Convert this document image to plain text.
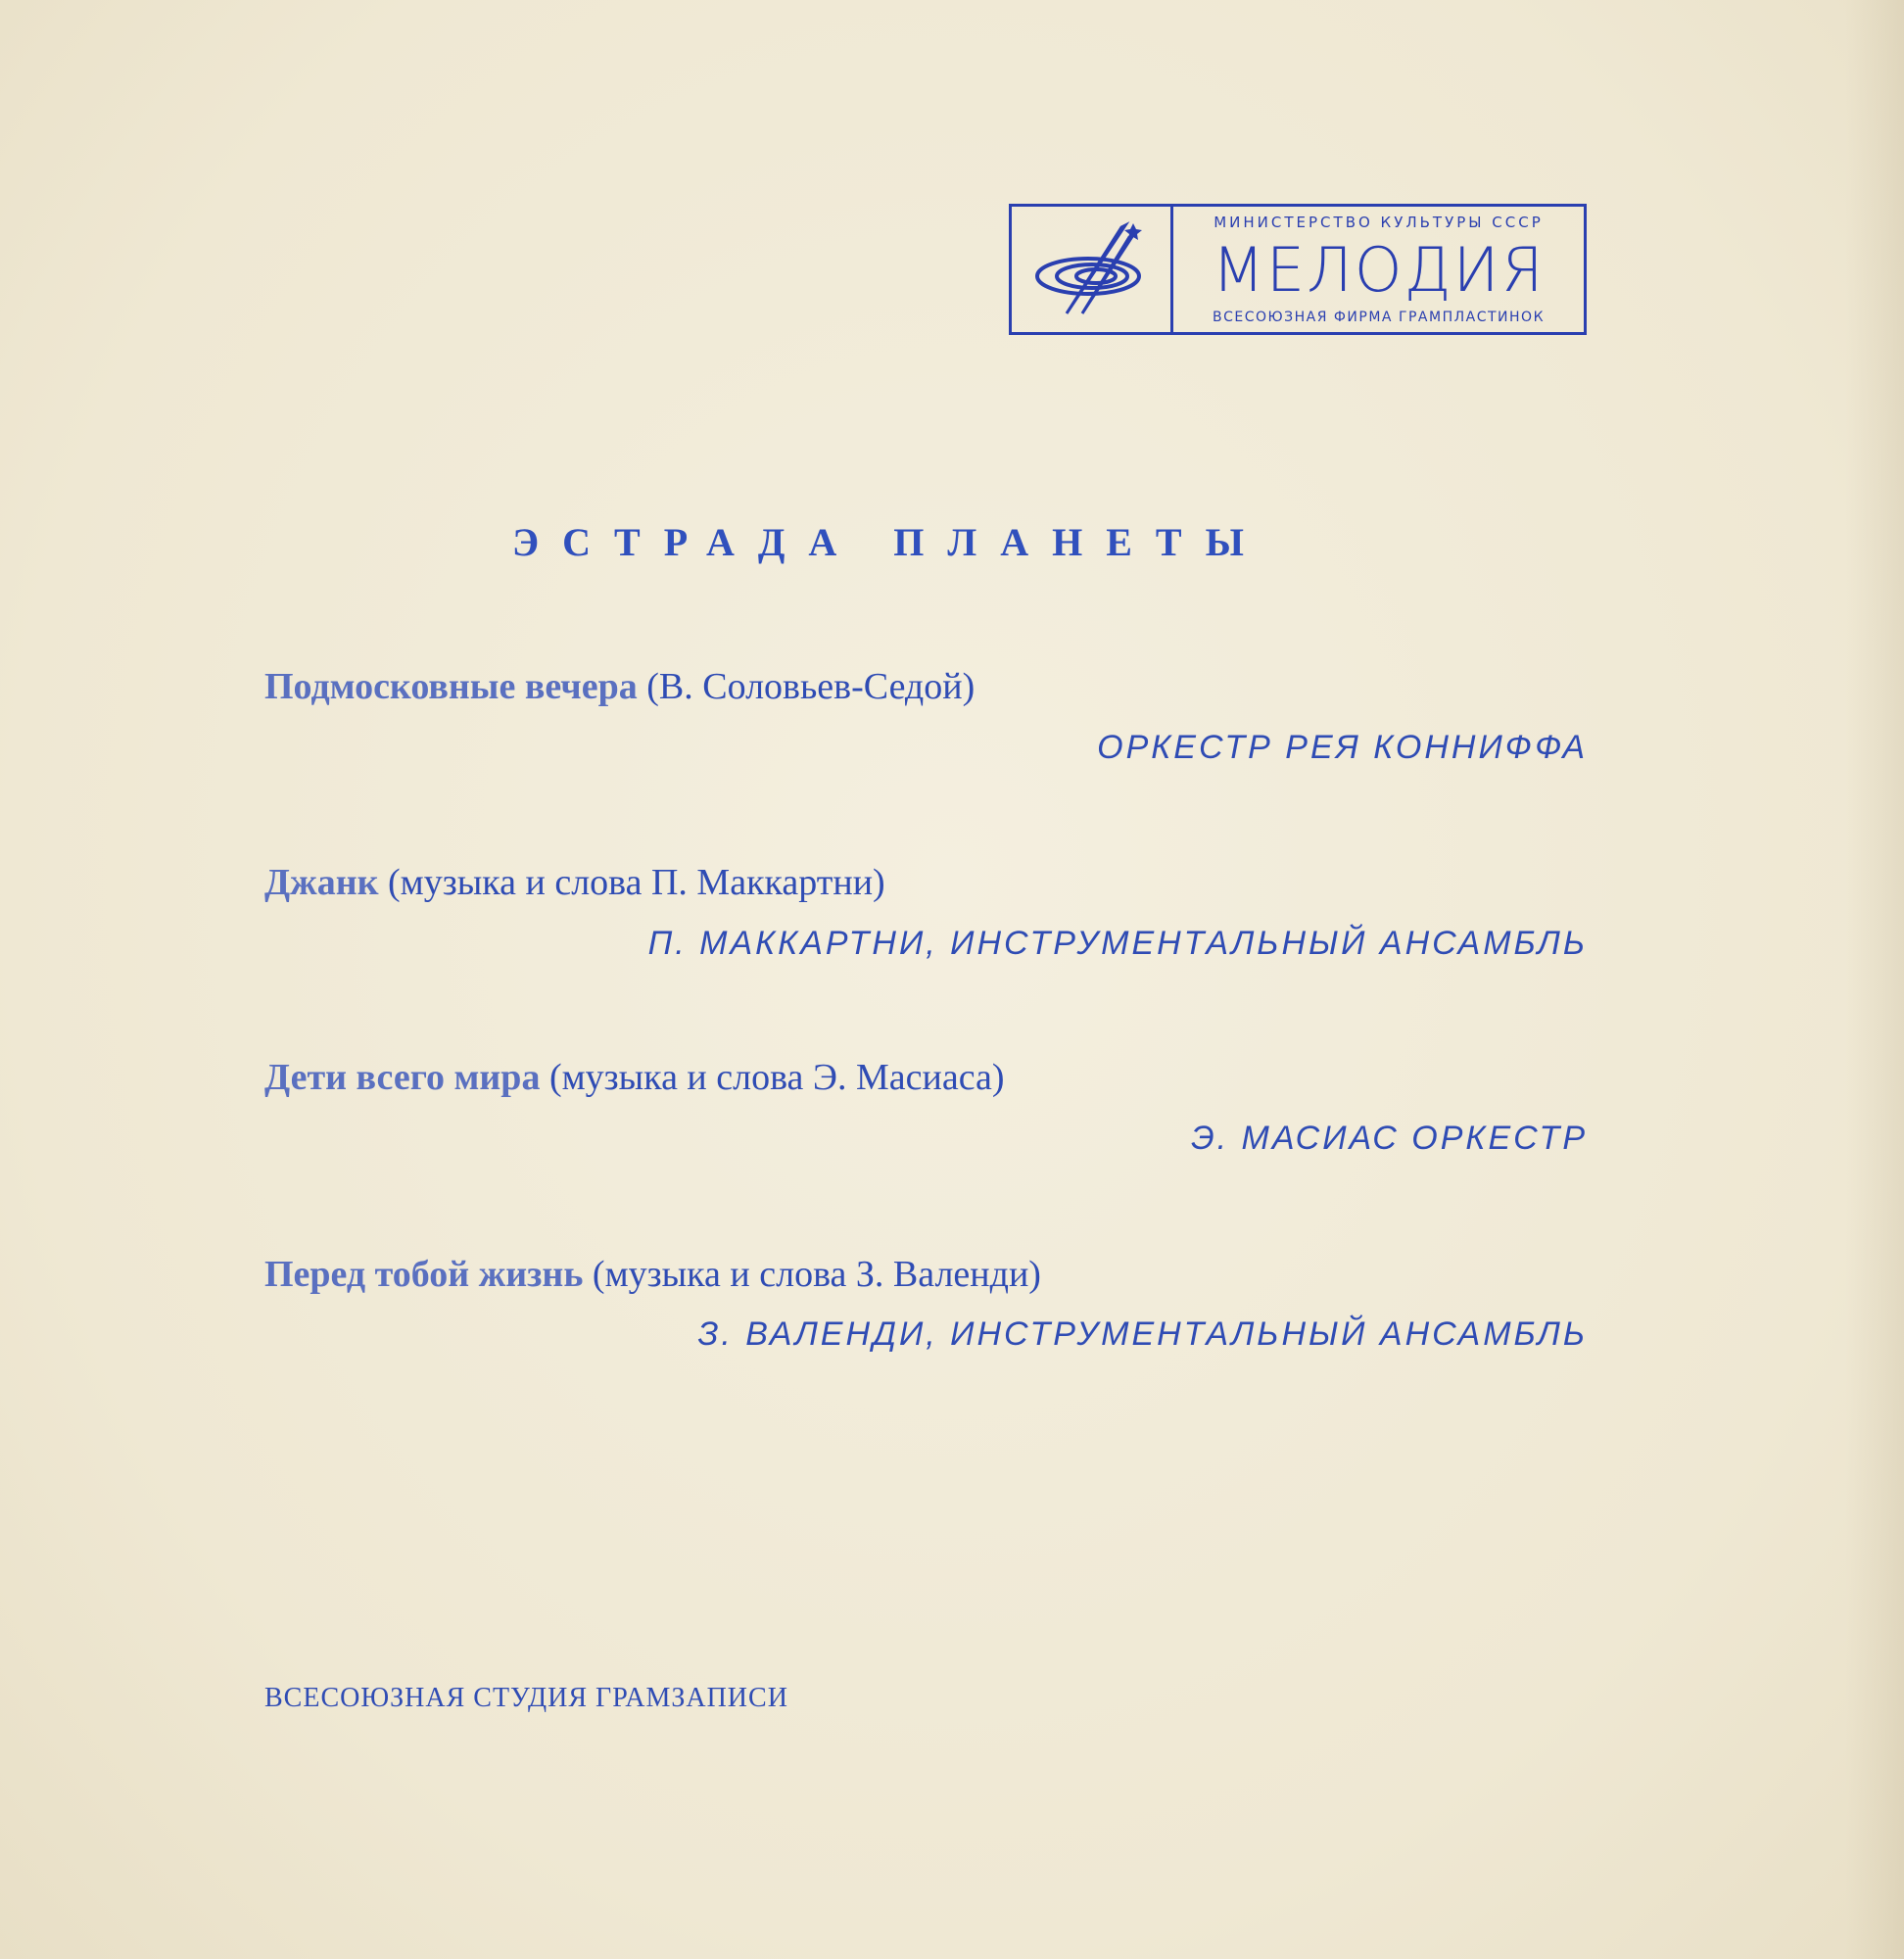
МИНИСТЕРСТВО КУЛЬТУРЫ СССР
МЕЛОДИЯ
ВСЕСОЮЗНАЯ ФИРМА ГРАМПЛАСТИНОК
ЭСТРАДА ПЛАНЕТЫ
Подмосковные вечера (В. Соловьев-Седой)
ОРКЕСТР РЕЯ КОННИФФА
Джанк (музыка и слова П. Маккартни)
П. МАККАРТНИ, ИНСТРУМЕНТАЛЬНЫЙ АНСАМБЛЬ
Дети всего мира (музыка и слова Э. Масиаса)
Э. МАСИАС ОРКЕСТР
Перед тобой жизнь (музыка и слова З. Валенди)
З. ВАЛЕНДИ, ИНСТРУМЕНТАЛЬНЫЙ АНСАМБЛЬ
ВСЕСОЮЗНАЯ СТУДИЯ ГРАМЗАПИСИ
